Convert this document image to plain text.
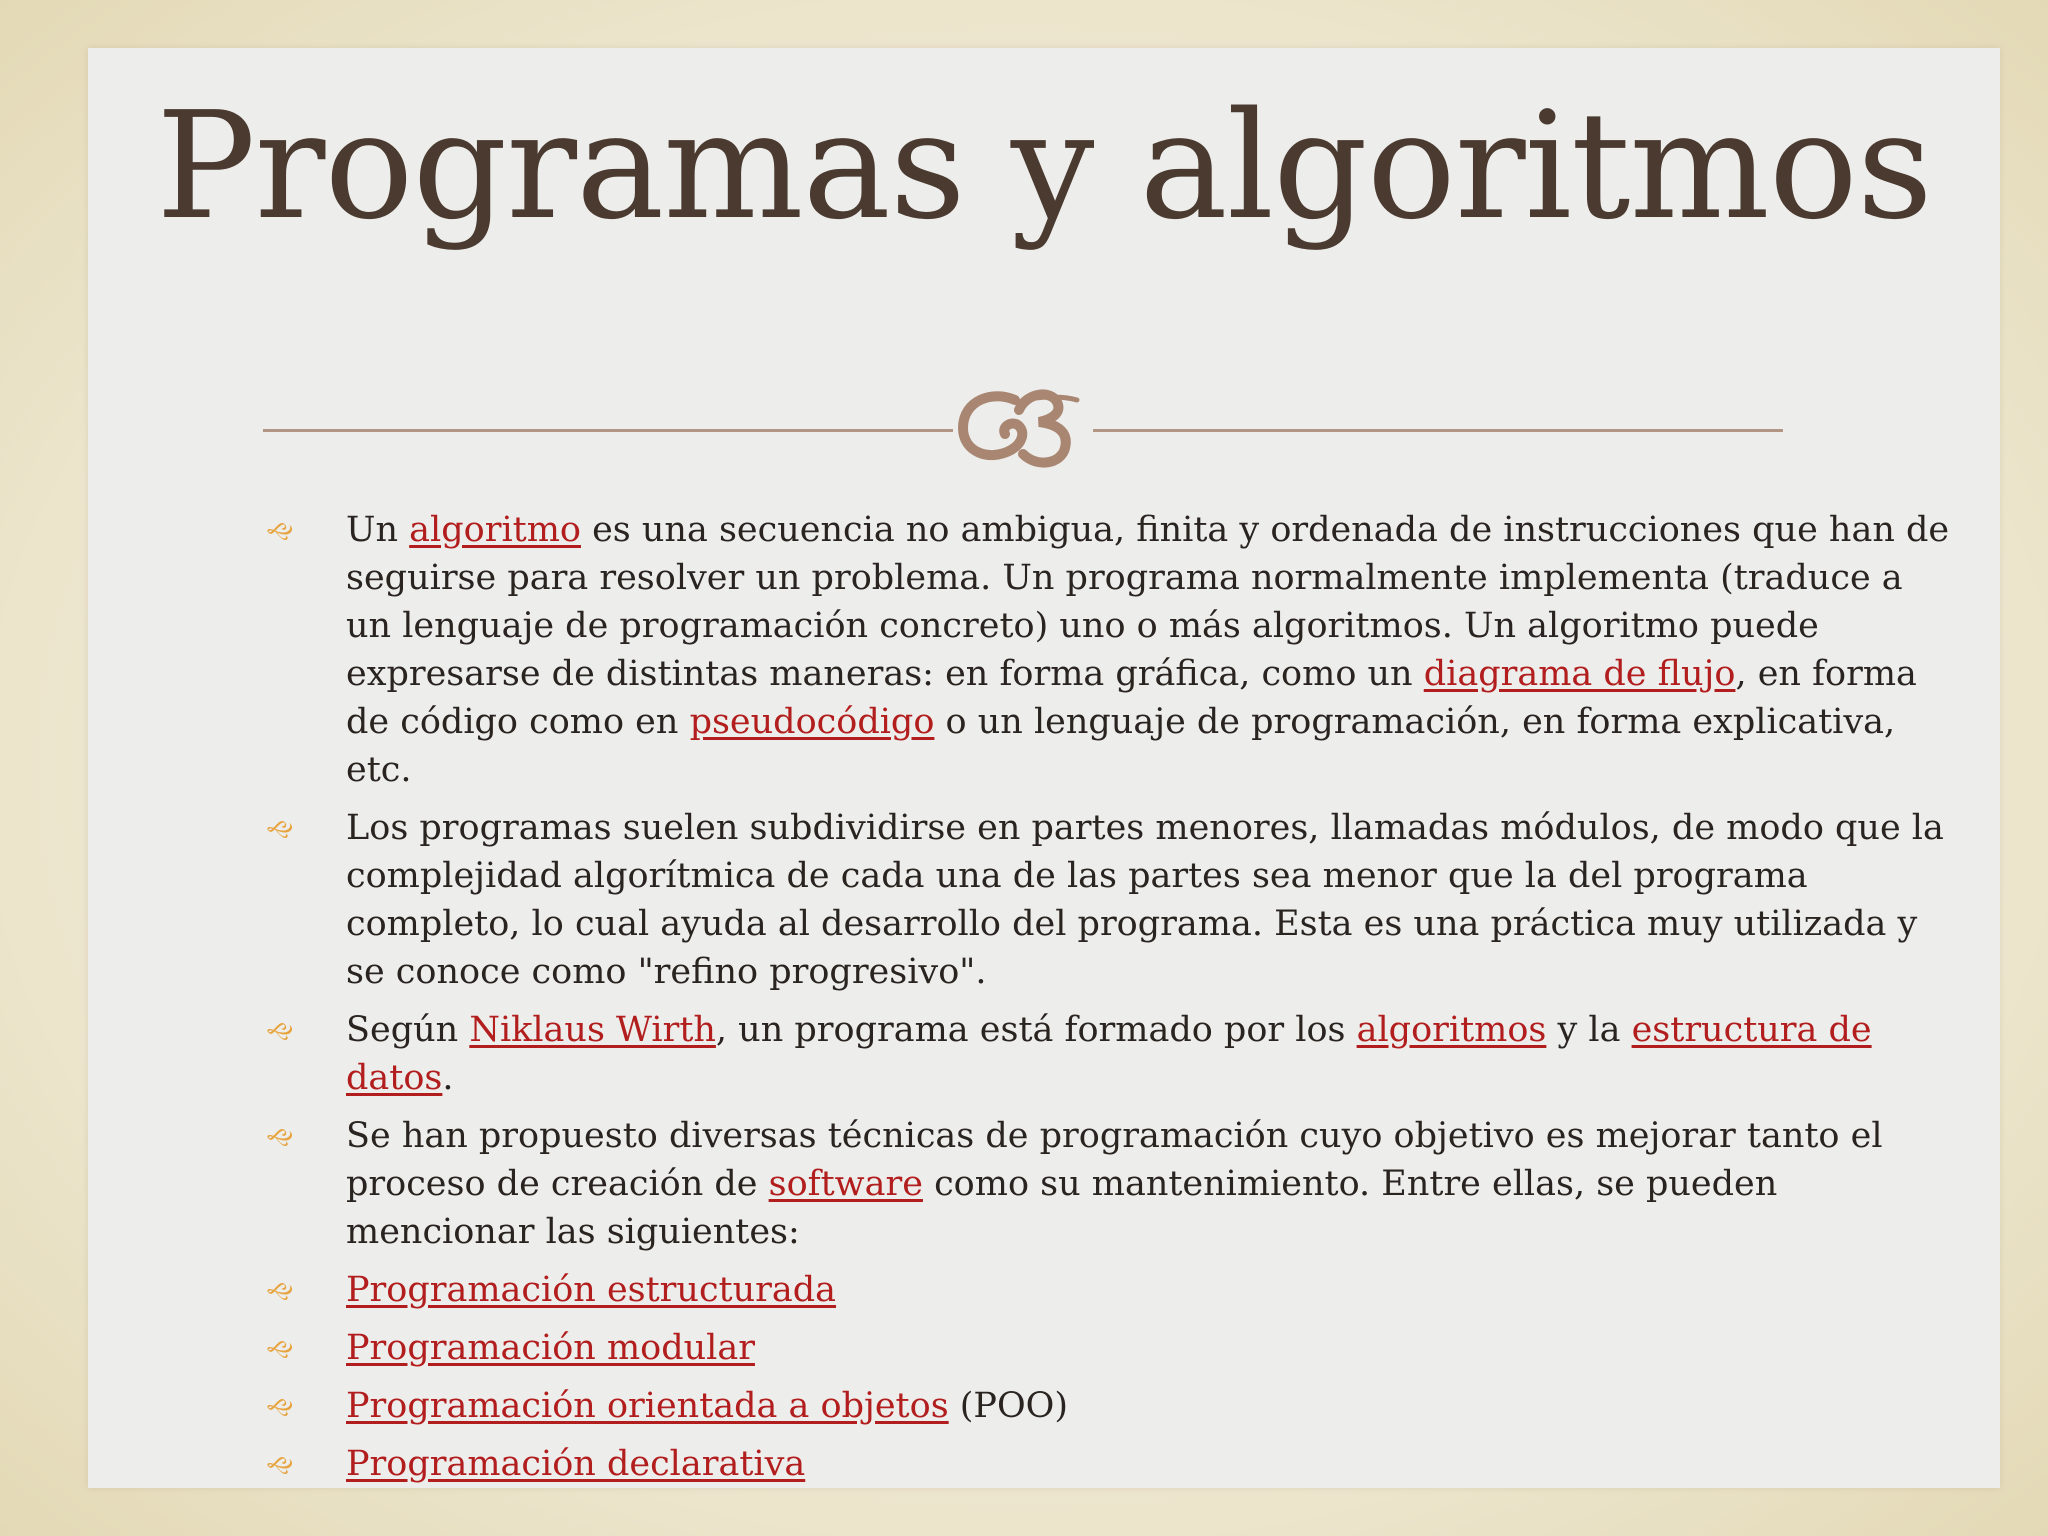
Programas y algoritmos
🙙 Un algoritmo es una secuencia no ambigua, finita y ordenada de instrucciones que han de seguirse para resolver un problema. Un programa normalmente implementa (traduce a un lenguaje de programación concreto) uno o más algoritmos. Un algoritmo puede expresarse de distintas maneras: en forma gráfica, como un diagrama de flujo, en forma de código como en pseudocódigo o un lenguaje de programación, en forma explicativa, etc.
🙙 Los programas suelen subdividirse en partes menores, llamadas módulos, de modo que la complejidad algorítmica de cada una de las partes sea menor que la del programa completo, lo cual ayuda al desarrollo del programa. Esta es una práctica muy utilizada y se conoce como "refino progresivo".
🙙 Según Niklaus Wirth, un programa está formado por los algoritmos y la estructura de datos.
🙙 Se han propuesto diversas técnicas de programación cuyo objetivo es mejorar tanto el proceso de creación de software como su mantenimiento. Entre ellas, se pueden mencionar las siguientes:
🙙 Programación estructurada
🙙 Programación modular
🙙 Programación orientada a objetos (POO)
🙙 Programación declarativa
